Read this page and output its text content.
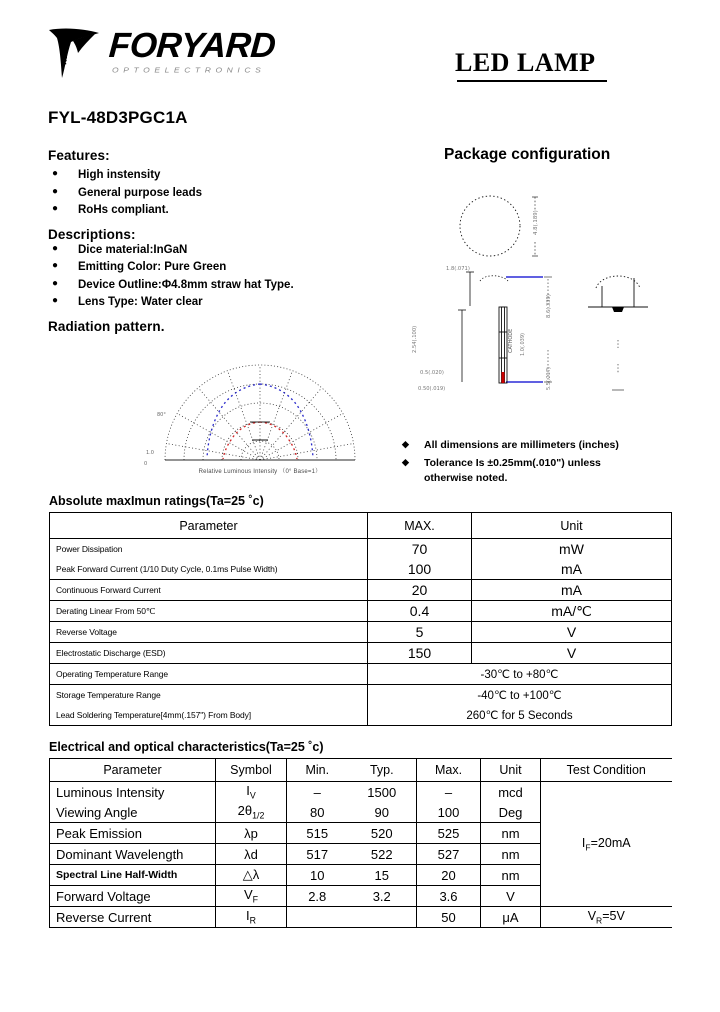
FORYARD
OPTOELECTRONICS	LED LAMP
FYL-48D3PGC1A
Features:
● High instensity
● General purpose leads
● RoHs compliant.
Descriptions:
● Dice material:InGaN
● Emitting Color: Pure Green
● Device Outline:Φ4.8mm straw hat Type.
● Lens Type: Water clear
Radiation pattern.
80°
1.0
0
Relative Luminous Intensity （0° Base=1）
Package configuration
4.8(.189)
CATHODE
0.5(.020)
0.50(.019)
2.54(.100)
1.8(.071)
8.6(.339)
1.0(.039)
5.5(.217)
◆ All dimensions are millimeters (inches)
◆ Tolerance Is ±0.25mm(.010") unless
otherwise noted.
Absolute maxImun ratings(Ta=25 ˚c)
Parameter	MAX.	Unit
Power Dissipation	70	mW
Peak Forward Current (1/10 Duty Cycle, 0.1ms Pulse Width)	100	mA
Continuous Forward Current	20	mA
Derating Linear From 50℃	0.4	mA/℃
Reverse Voltage	5	V
Electrostatic Discharge (ESD)	150	V
Operating Temperature Range	-30℃ to +80℃	
Storage Temperature Range	-40℃ to +100℃	
Lead Soldering Temperature[4mm(.157") From Body]	260℃ for 5 Seconds	
Electrical and optical characteristics(Ta=25 ˚c)
Parameter	Symbol	Min.	Typ.	Max.	Unit	Test Condition
Luminous Intensity	$I_V$	–	1500	–	mcd	$I_F=20mA$
Viewing Angle	$2\theta_{1/2}$	80	90	100	Deg	
Peak Emission	λp	515	520	525	nm	
Dominant Wavelength	λd	517	522	527	nm	
Spectral Line Half-Width	△λ	10	15	20	nm	
Forward Voltage	$V_F$	2.8	3.2	3.6	V	
Reverse Current	$I_R$			50	μA	$V_R=5V$
